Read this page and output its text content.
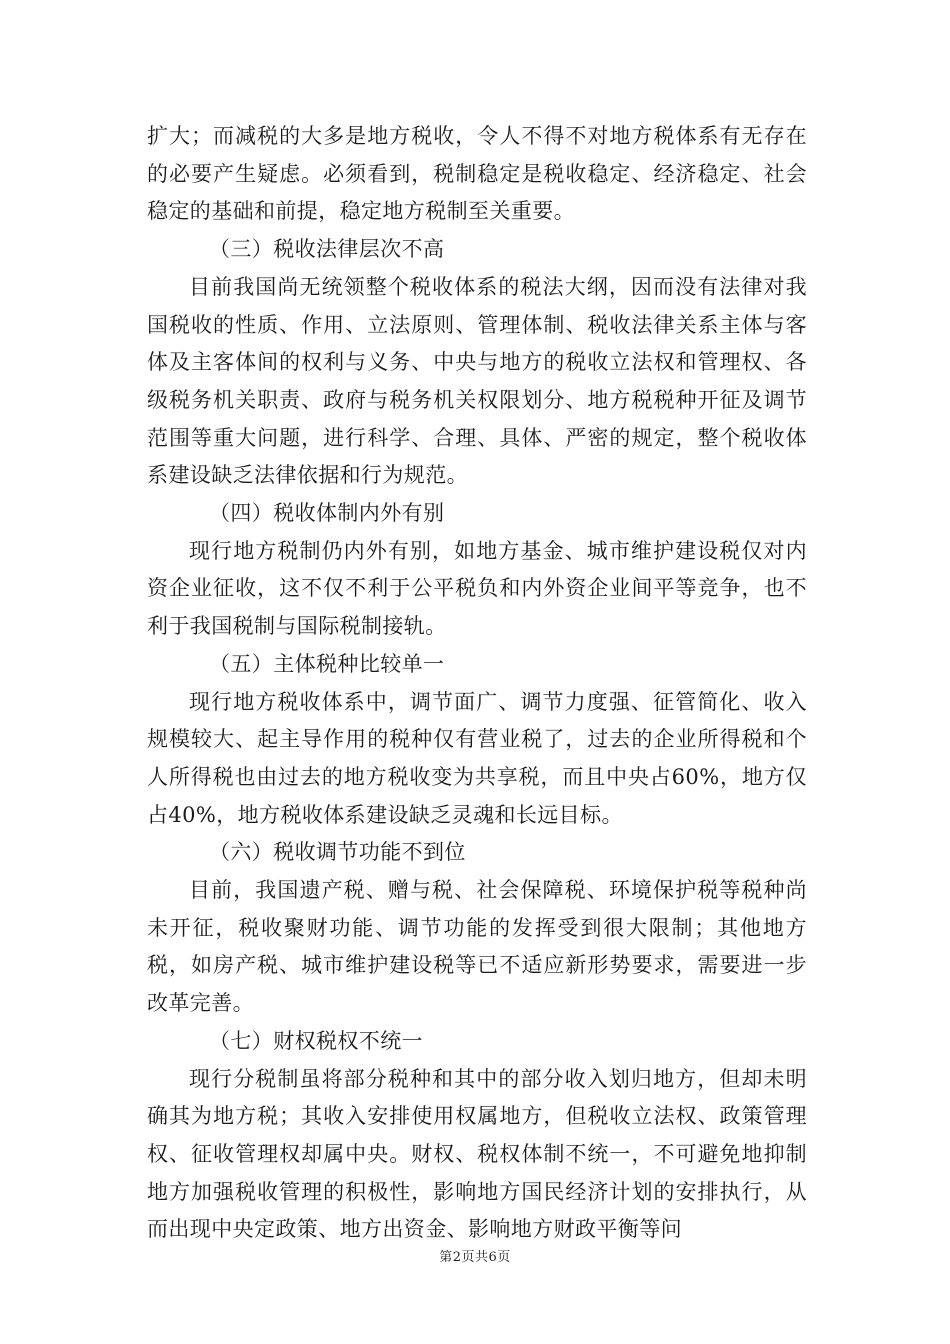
扩大；而减税的大多是地方税收，令人不得不对地方税体系有无存在的必要产生疑虑。必须看到，税制稳定是税收稳定、经济稳定、社会稳定的基础和前提，稳定地方税制至关重要。

（三）税收法律层次不高

目前我国尚无统领整个税收体系的税法大纲，因而没有法律对我国税收的性质、作用、立法原则、管理体制、税收法律关系主体与客体及主客体间的权利与义务、中央与地方的税收立法权和管理权、各级税务机关职责、政府与税务机关权限划分、地方税税种开征及调节范围等重大问题，进行科学、合理、具体、严密的规定，整个税收体系建设缺乏法律依据和行为规范。

（四）税收体制内外有别

现行地方税制仍内外有别，如地方基金、城市维护建设税仅对内资企业征收，这不仅不利于公平税负和内外资企业间平等竞争，也不利于我国税制与国际税制接轨。

（五）主体税种比较单一

现行地方税收体系中，调节面广、调节力度强、征管简化、收入规模较大、起主导作用的税种仅有营业税了，过去的企业所得税和个人所得税也由过去的地方税收变为共享税，而且中央占60%，地方仅占40%，地方税收体系建设缺乏灵魂和长远目标。

（六）税收调节功能不到位

目前，我国遗产税、赠与税、社会保障税、环境保护税等税种尚未开征，税收聚财功能、调节功能的发挥受到很大限制；其他地方税，如房产税、城市维护建设税等已不适应新形势要求，需要进一步改革完善。

（七）财权税权不统一

现行分税制虽将部分税种和其中的部分收入划归地方，但却未明确其为地方税；其收入安排使用权属地方，但税收立法权、政策管理权、征收管理权却属中央。财权、税权体制不统一，不可避免地抑制地方加强税收管理的积极性，影响地方国民经济计划的安排执行，从而出现中央定政策、地方出资金、影响地方财政平衡等问

第2页共6页
